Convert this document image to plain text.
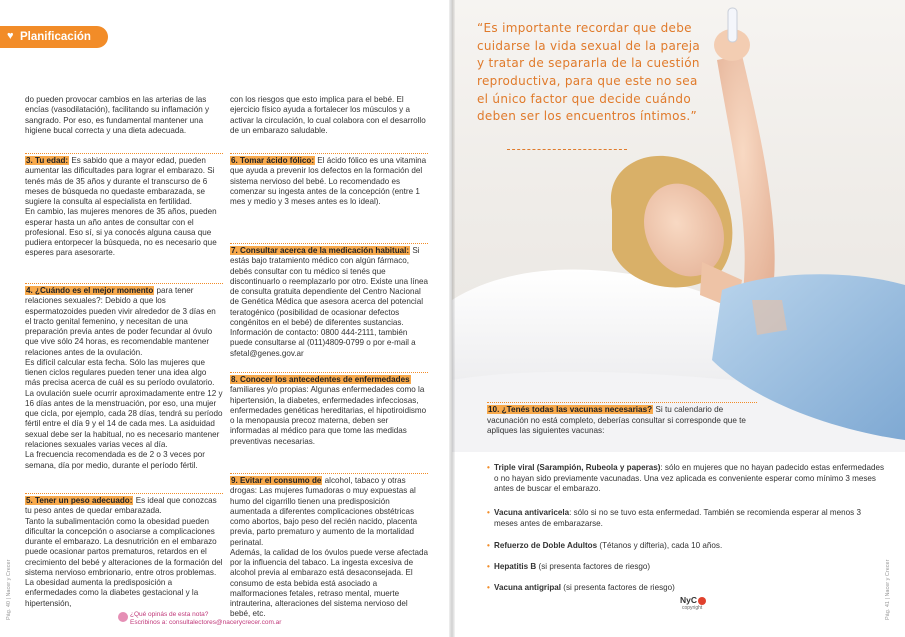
♥ Planificación

do pueden provocar cambios en las arterias de las encías (vasodilatación), facilitando su inflamación y sangrado. Por eso, es fundamental mantener una higiene bucal correcta y una dieta adecuada.

3. Tu edad: Es sabido que a mayor edad, pueden aumentar las dificultades para lograr el embarazo. Si tenés más de 35 años y durante el transcurso de 6 meses de búsqueda no quedaste embarazada, se sugiere la consulta al especialista en fertilidad.

En cambio, las mujeres menores de 35 años, pueden esperar hasta un año antes de consultar con el profesional. Eso sí, si ya conocés alguna causa que pudiera entorpecer la búsqueda, no es necesario que esperes para asesorarte.

4. ¿Cuándo es el mejor momento para tener relaciones sexuales?: Debido a que los espermatozoides pueden vivir alrededor de 3 días en el tracto genital femenino, y necesitan de una preparación previa antes de poder fecundar al óvulo que vive sólo 24 horas, es recomendable mantener relaciones antes de la ovulación.

Es difícil calcular esta fecha. Sólo las mujeres que tienen ciclos regulares pueden tener una idea algo más precisa acerca de cuál es su período ovulatorio. La ovulación suele ocurrir aproximadamente entre 12 y 16 días antes de la menstruación, por eso, una mujer que cicla, por ejemplo, cada 28 días, tendrá su período fértil entre el día 9 y el 14 de cada mes. La asiduidad sexual debe ser la habitual, no es necesario mantener relaciones sexuales varias veces al día.

La frecuencia recomendada es de 2 o 3 veces por semana, día por medio, durante el período fértil.

5. Tener un peso adecuado: Es ideal que conozcas tu peso antes de quedar embarazada.

Tanto la subalimentación como la obesidad pueden dificultar la concepción o asociarse a complicaciones durante el embarazo. La desnutrición en el embarazo puede ocasionar partos prematuros, retardos en el crecimiento del bebé y alteraciones de la formación del sistema nervioso embrionario, entre otros problemas. La obesidad aumenta la predisposición a enfermedades como la diabetes gestacional y la hipertensión,

con los riesgos que esto implica para el bebé. El ejercicio físico ayuda a fortalecer los músculos y a activar la circulación, lo cual colabora con el desarrollo de un embarazo saludable.

6. Tomar ácido fólico: El ácido fólico es una vitamina que ayuda a prevenir los defectos en la formación del sistema nervioso del bebé. Lo recomendado es comenzar su ingesta antes de la concepción (entre 1 mes y medio y 3 meses antes es lo ideal).

7. Consultar acerca de la medicación habitual: Si estás bajo tratamiento médico con algún fármaco, debés consultar con tu médico si tenés que discontinuarlo o reemplazarlo por otro. Existe una línea de consulta gratuita dependiente del Centro Nacional de Genética Médica que asesora acerca del potencial teratogénico (posibilidad de ocasionar defectos congénitos en el bebé) de diferentes sustancias. Información de contacto: 0800 444-2111, también puede consultarse al (011)4809-0799 o por e-mail a sfetal@genes.gov.ar

8. Conocer los antecedentes de enfermedades familiares y/o propias: Algunas enfermedades como la hipertensión, la diabetes, enfermedades infecciosas, enfermedades genéticas hereditarias, el hipotiroidismo o la menopausia precoz materna, deben ser informadas al médico para que tome las medidas preventivas necesarias.

9. Evitar el consumo de alcohol, tabaco y otras drogas: Las mujeres fumadoras o muy expuestas al humo del cigarrillo tienen una predisposición aumentada a diferentes complicaciones obstétricas como abortos, bajo peso del recién nacido, placenta previa, parto prematuro y aumento de la mortalidad perinatal.

Además, la calidad de los óvulos puede verse afectada por la influencia del tabaco. La ingesta excesiva de alcohol previa al embarazo está desaconsejada. El consumo de esta bebida está asociado a malformaciones fetales, retraso mental, muerte intrauterina, alteraciones del sistema nervioso del bebé, etc.

Pág. 40 | Nacer y Crecer	¿Qué opinás de esta nota?
Escribinos a: consultalectores@nacerycrecer.com.ar
“Es importante recordar que debe cuidarse la vida sexual de la pareja y tratar de separarla de la cuestión reproductiva, para que este no sea el único factor que decide cuándo deben ser los encuentros íntimos.”
10. ¿Tenés todas las vacunas necesarias? Si tu calendario de vacunación no está completo, deberías consultar si corresponde que te apliques las siguientes vacunas:
• Triple viral (Sarampión, Rubeola y paperas): sólo en mujeres que no hayan padecido estas enfermedades o no hayan sido previamente vacunadas. Una vez aplicada es conveniente esperar como mínimo 3 meses antes de buscar el embarazo.
• Vacuna antivaricela: sólo si no se tuvo esta enfermedad. También se recomienda esperar al menos 3 meses antes de embarazarse.
• Refuerzo de Doble Adultos (Tétanos y difteria), cada 10 años.
• Hepatitis B (si presenta factores de riesgo)
• Vacuna antigripal (si presenta factores de riesgo)
NyC
copyright	Pág. 41 | Nacer y Crecer
